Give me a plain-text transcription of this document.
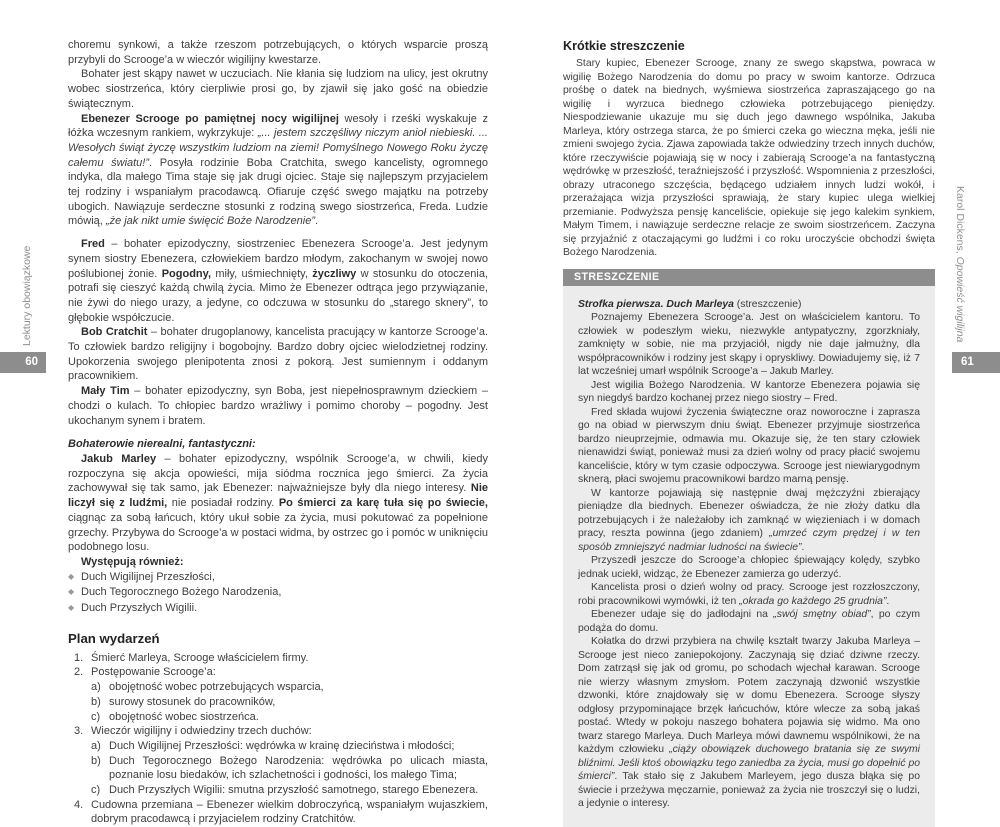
Lektury obowiązkowe
60
Karol Dickens, Opowieść wigilijna
61

choremu synkowi, a także rzeszom potrzebujących, o których wsparcie proszą przybyli do Scrooge’a w wieczór wigilijny kwestarze.

Bohater jest skąpy nawet w uczuciach. Nie kłania się ludziom na ulicy, jest okrutny wobec siostrzeńca, który cierpliwie prosi go, by zjawił się jako gość na obiedzie świątecznym.

Ebenezer Scrooge po pamiętnej nocy wigilijnej wesoły i rześki wyskakuje z łóżka wczesnym rankiem, wykrzykuje: „... jestem szczęśliwy niczym anioł niebieski. ... Wesołych świąt życzę wszystkim ludziom na ziemi! Pomyślnego Nowego Roku życzę całemu światu!”. Posyła rodzinie Boba Cratchita, swego kancelisty, ogromnego indyka, dla małego Tima staje się jak drugi ojciec. Staje się najlepszym przyjacielem tej rodziny i wspaniałym pracodawcą. Ofiaruje część swego majątku na potrzeby ubogich. Nawiązuje serdeczne stosunki z rodziną swego siostrzeńca, Freda. Ludzie mówią, „że jak nikt umie święcić Boże Narodzenie”.

Fred – bohater epizodyczny, siostrzeniec Ebenezera Scrooge’a. Jest jedynym synem siostry Ebenezera, człowiekiem bardzo młodym, zakochanym w swojej nowo poślubionej żonie. Pogodny, miły, uśmiechnięty, życzliwy w stosunku do otoczenia, potrafi się cieszyć każdą chwilą życia. Mimo że Ebenezer odtrąca jego przywiązanie, nie żywi do niego urazy, a jedyne, co odczuwa w stosunku do „starego sknery”, to głębokie współczucie.

Bob Cratchit – bohater drugoplanowy, kancelista pracujący w kantorze Scrooge’a. To człowiek bardzo religijny i bogobojny. Bardzo dobry ojciec wielodzietnej rodziny. Upokorzenia swojego plenipotenta znosi z pokorą. Jest sumiennym i oddanym pracownikiem.

Mały Tim – bohater epizodyczny, syn Boba, jest niepełnosprawnym dzieckiem – chodzi o kulach. To chłopiec bardzo wrażliwy i pomimo choroby – pogodny. Jest ukochanym synem i bratem.

Bohaterowie nierealni, fantastyczni:

Jakub Marley – bohater epizodyczny, wspólnik Scrooge’a, w chwili, kiedy rozpoczyna się akcja opowieści, mija siódma rocznica jego śmierci. Za życia zachowywał się tak samo, jak Ebenezer: najważniejsze były dla niego interesy. Nie liczył się z ludźmi, nie posiadał rodziny. Po śmierci za karę tuła się po świecie, ciągnąc za sobą łańcuch, który ukuł sobie za życia, musi pokutować za popełnione grzechy. Przybywa do Scrooge’a w postaci widma, by ostrzec go i pomóc w uniknięciu podobnego losu.

Występują również:

◆ Duch Wigilijnej Przeszłości,
◆ Duch Tegorocznego Bożego Narodzenia,
◆ Duch Przyszłych Wigilii.
Plan wydarzeń
1. Śmierć Marleya, Scrooge właścicielem firmy.
2. Postępowanie Scrooge’a:
a) obojętność wobec potrzebujących wsparcia,
b) surowy stosunek do pracowników,
c) obojętność wobec siostrzeńca.
3. Wieczór wigilijny i odwiedziny trzech duchów:
a) Duch Wigilijnej Przeszłości: wędrówka w krainę dzieciństwa i młodości;
b) Duch Tegorocznego Bożego Narodzenia: wędrówka po ulicach miasta, poznanie losu biedaków, ich szlachetności i godności, los małego Tima;
c) Duch Przyszłych Wigilii: smutna przyszłość samotnego, starego Ebenezera.
4. Cudowna przemiana – Ebenezer wielkim dobroczyńcą, wspaniałym wujaszkiem, dobrym pracodawcą i przyjacielem rodziny Cratchitów.
Krótkie streszczenie

Stary kupiec, Ebenezer Scrooge, znany ze swego skąpstwa, powraca w wigilię Bożego Narodzenia do domu po pracy w swoim kantorze. Odrzuca prośbę o datek na biednych, wyśmiewa siostrzeńca zapraszającego go na wigilię i wyrzuca biednego człowieka potrzebującego pieniędzy. Niespodziewanie ukazuje mu się duch jego dawnego wspólnika, Jakuba Marleya, który ostrzega starca, że po śmierci czeka go wieczna męka, jeśli nie zmieni swojego życia. Zjawa zapowiada także odwiedziny trzech innych duchów, które rzeczywiście pojawiają się w nocy i zabierają Scrooge’a na fantastyczną wędrówkę w przeszłość, teraźniejszość i przyszłość. Wspomnienia z przeszłości, obrazy utraconego szczęścia, będącego udziałem innych ludzi wokół, i przerażająca wizja przyszłości sprawiają, że stary kupiec ulega wielkiej przemianie. Podwyższa pensję kanceliście, opiekuje się jego kalekim synkiem, Małym Timem, i nawiązuje serdeczne relacje ze swoim siostrzeńcem. Zaczyna się przyjaźnić z otaczającymi go ludźmi i co roku uroczyście obchodzi święta Bożego Narodzenia.

STRESZCZENIE

Strofka pierwsza. Duch Marleya (streszczenie)

Poznajemy Ebenezera Scrooge’a. Jest on właścicielem kantoru. To człowiek w podeszłym wieku, niezwykle antypatyczny, zgorzkniały, zamknięty w sobie, nie ma przyjaciół, nigdy nie daje jałmużny, dla współpracowników i rodziny jest skąpy i opryskliwy. Dowiadujemy się, iż 7 lat wcześniej umarł wspólnik Scrooge’a – Jakub Marley.

Jest wigilia Bożego Narodzenia. W kantorze Ebenezera pojawia się syn niegdyś bardzo kochanej przez niego siostry – Fred.

Fred składa wujowi życzenia świąteczne oraz noworoczne i zaprasza go na obiad w pierwszym dniu świąt. Ebenezer przyjmuje siostrzeńca bardzo nieuprzejmie, odmawia mu. Okazuje się, że ten stary człowiek nienawidzi świąt, ponieważ musi za dzień wolny od pracy płacić swojemu kanceliście, który w tym czasie odpoczywa. Scrooge jest niewiarygodnym sknerą, płaci swojemu pracownikowi bardzo marną pensję.

W kantorze pojawiają się następnie dwaj mężczyźni zbierający pieniądze dla biednych. Ebenezer oświadcza, że nie złoży datku dla potrzebujących i że należałoby ich zamknąć w więzieniach i w domach pracy, reszta powinna (jego zdaniem) „umrzeć czym prędzej i w ten sposób zmniejszyć nadmiar ludności na świecie”.

Przyszedł jeszcze do Scrooge’a chłopiec śpiewający kolędy, szybko jednak uciekł, widząc, że Ebenezer zamierza go uderzyć.

Kancelista prosi o dzień wolny od pracy. Scrooge jest rozzłoszczony, robi pracownikowi wymówki, iż ten „okrada go każdego 25 grudnia”.

Ebenezer udaje się do jadłodajni na „swój smętny obiad”, po czym podąża do domu.

Kołatka do drzwi przybiera na chwilę kształt twarzy Jakuba Marleya – Scrooge jest nieco zaniepokojony. Zaczynają się dziać dziwne rzeczy. Dom zatrząsł się jak od gromu, po schodach wjechał karawan. Scrooge nie wierzy własnym zmysłom. Potem zaczynają dzwonić wszystkie dzwonki, które znajdowały się w domu Ebenezera. Scrooge słyszy odgłosy przypominające brzęk łańcuchów, które wlecze za sobą jakaś postać. Wtedy w pokoju naszego bohatera pojawia się widmo. Ma ono twarz starego Marleya. Duch Marleya mówi dawnemu wspólnikowi, że na każdym człowieku „ciąży obowiązek duchowego bratania się ze swymi bliźnimi. Jeśli ktoś obowiązku tego zaniedba za życia, musi go dopełnić po śmierci”. Tak stało się z Jakubem Marleyem, jego dusza błąka się po świecie i przeżywa męczarnie, ponieważ za życia nie troszczył się o ludzi, a jedynie o interesy.
